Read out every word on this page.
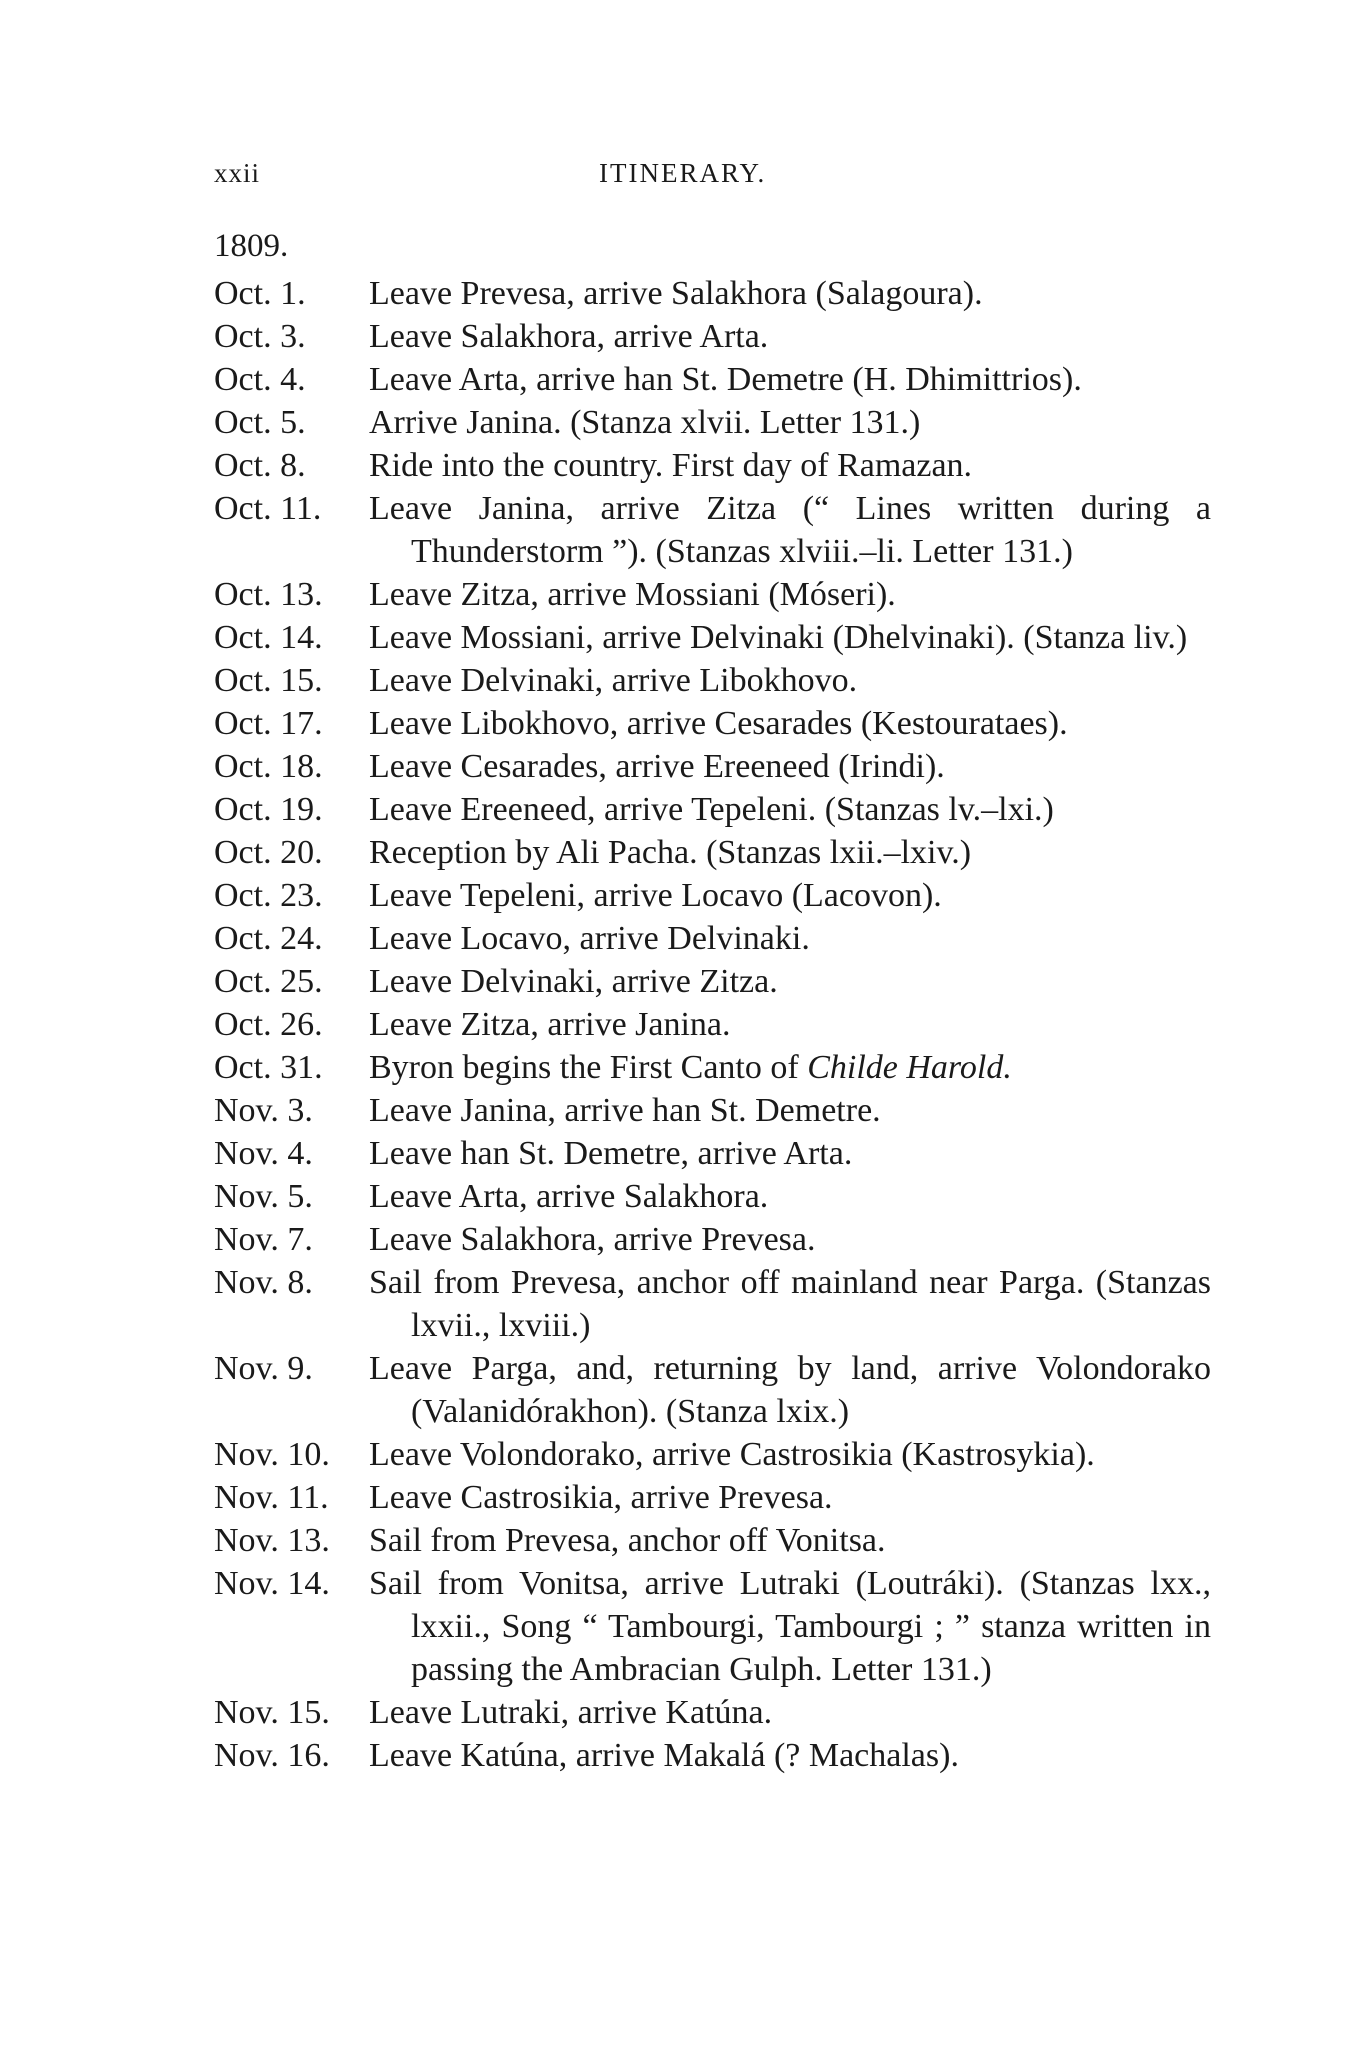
xxii	ITINERARY.
1809.
Oct. 1.	Leave Prevesa, arrive Salakhora (Salagoura).
Oct. 3.	Leave Salakhora, arrive Arta.
Oct. 4.	Leave Arta, arrive han St. Demetre (H. Dhimittrios).
Oct. 5.	Arrive Janina. (Stanza xlvii. Letter 131.)
Oct. 8.	Ride into the country. First day of Ramazan.
Oct. 11.	Leave Janina, arrive Zitza (“ Lines written during a Thunderstorm ”). (Stanzas xlviii.–li. Letter 131.)
Oct. 13.	Leave Zitza, arrive Mossiani (Móseri).
Oct. 14.	Leave Mossiani, arrive Delvinaki (Dhelvinaki). (Stanza liv.)
Oct. 15.	Leave Delvinaki, arrive Libokhovo.
Oct. 17.	Leave Libokhovo, arrive Cesarades (Kestourataes).
Oct. 18.	Leave Cesarades, arrive Ereeneed (Irindi).
Oct. 19.	Leave Ereeneed, arrive Tepeleni. (Stanzas lv.–lxi.)
Oct. 20.	Reception by Ali Pacha. (Stanzas lxii.–lxiv.)
Oct. 23.	Leave Tepeleni, arrive Locavo (Lacovon).
Oct. 24.	Leave Locavo, arrive Delvinaki.
Oct. 25.	Leave Delvinaki, arrive Zitza.
Oct. 26.	Leave Zitza, arrive Janina.
Oct. 31.	Byron begins the First Canto of Childe Harold.
Nov. 3.	Leave Janina, arrive han St. Demetre.
Nov. 4.	Leave han St. Demetre, arrive Arta.
Nov. 5.	Leave Arta, arrive Salakhora.
Nov. 7.	Leave Salakhora, arrive Prevesa.
Nov. 8.	Sail from Prevesa, anchor off mainland near Parga. (Stanzas lxvii., lxviii.)
Nov. 9.	Leave Parga, and, returning by land, arrive Volondorako (Valanidórakhon). (Stanza lxix.)
Nov. 10.	Leave Volondorako, arrive Castrosikia (Kastrosykia).
Nov. 11.	Leave Castrosikia, arrive Prevesa.
Nov. 13.	Sail from Prevesa, anchor off Vonitsa.
Nov. 14.	Sail from Vonitsa, arrive Lutraki (Loutráki). (Stanzas lxx., lxxii., Song “ Tambourgi, Tambourgi ; ” stanza written in passing the Ambracian Gulph. Letter 131.)
Nov. 15.	Leave Lutraki, arrive Katúna.
Nov. 16.	Leave Katúna, arrive Makalá (? Machalas).
